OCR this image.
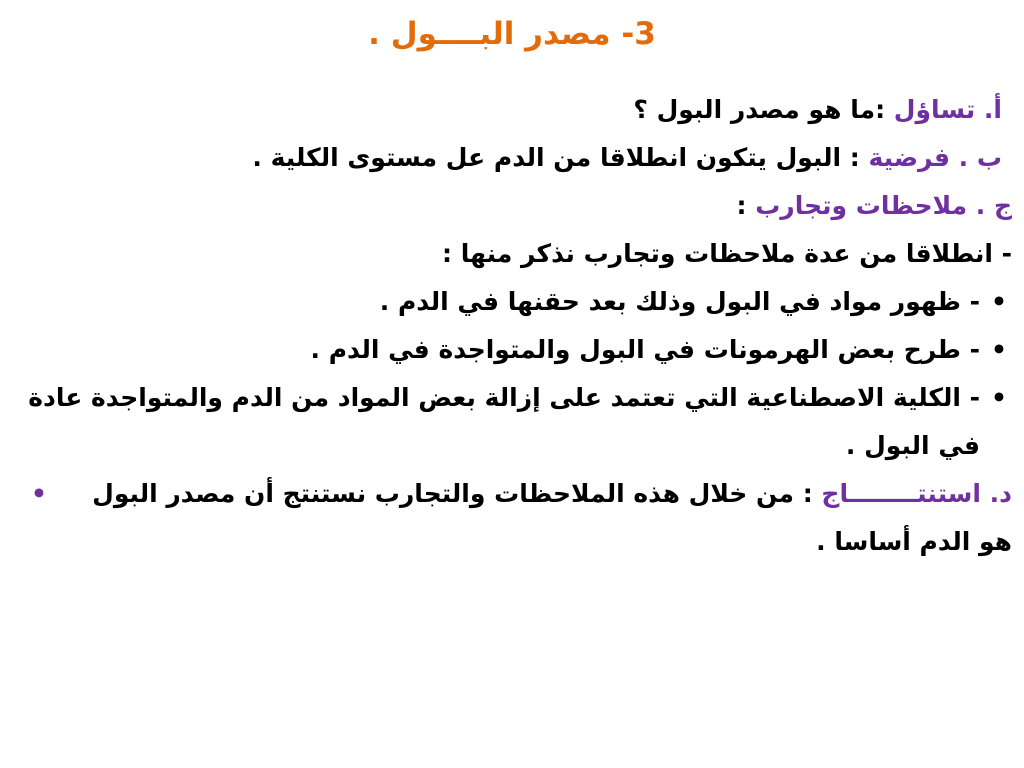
3- مصدر البــــول .
أ. تساؤل :ما هو مصدر البول ؟
ب . فرضية : البول يتكون انطلاقا من الدم عل مستوى الكلية .
ج . ملاحظات وتجارب :
- انطلاقا من عدة ملاحظات وتجارب نذكر منها :
•
- ظهور مواد في البول وذلك بعد حقنها في الدم .
•
- طرح بعض الهرمونات في البول والمتواجدة في الدم .
•
- الكلية الاصطناعية التي تعتمد على إزالة بعض المواد من الدم والمتواجدة عادة في البول .
د. استنتــــــــاج : من خلال هذه الملاحظات والتجارب نستنتج أن مصدر البول هو الدم أساسا .
•
